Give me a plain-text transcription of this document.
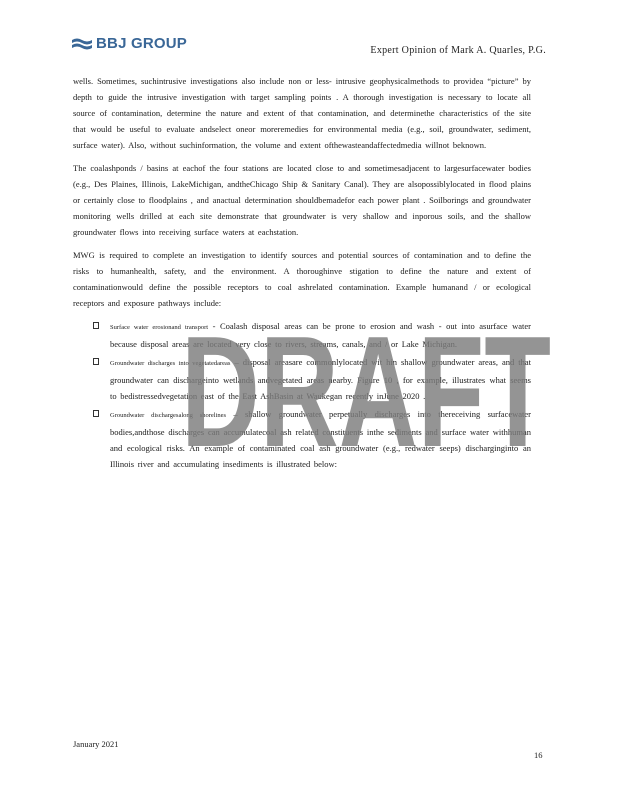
BBJ GROUP	Expert Opinion of Mark A. Quarles, P.G.

wells. Sometimes, suchintrusive investigations also include non or less- intrusive geophysicalmethods to providea “picture” by depth to guide the intrusive investigation with target sampling points . A thorough investigation is necessary to locate all source of contamination, determine the nature and extent of that contamination, and determinethe characteristics of the site that would be useful to evaluate andselect oneor moreremedies for environmental media (e.g., soil, groundwater, sediment, surface water). Also, without suchinformation, the volume and extent ofthewasteandaffectedmedia willnot beknown.

The coalashponds / basins at eachof the four stations are located close to and sometimesadjacent to largesurfacewater bodies (e.g., Des Plaines, Illinois, LakeMichigan, andtheChicago Ship & Sanitary Canal). They are alsopossiblylocated in flood plains or certainly close to floodplains , and anactual determination shouldbemadefor each power plant . Soilborings and groundwater monitoring wells drilled at each site demonstrate that groundwater is very shallow and inporous soils, and the shallow groundwater flows into receiving surface waters at eachstation.

MWG is required to complete an investigation to identify sources and potential sources of contamination and to define the risks to humanhealth, safety, and the environment. A thoroughinve stigation to define the nature and extent of contaminationwould define the possible receptors to coal ashrelated contamination. Example humanand / or ecological receptors and exposure pathways include:

Surface water erosionand transport - Coalash disposal areas can be prone to erosion and wash - out into asurface water because disposal areas are located very close to rivers, streams, canals, and / or Lake Michigan.
Groundwater discharges into vegetatedareas – disposal areasare commonlylocated wit hin shallow groundwater areas, and that groundwater can dischargeinto wetlands andvegetated areas nearby. Figure 10 , for example, illustrates what seems to bedistressedvegetation east of the East AshBasin at Waukegan recently inJune 2020 .
Groundwater dischargesalong shorelines – shallow groundwater perpetually discharges into thereceiving surfacewater bodies,andthose discharges can accumulatecoal ash related constituents inthe sediments and surface water withhuman and ecological risks. An example of contaminated coal ash groundwater (e.g., redwater seeps) discharginginto an Illinois river and accumulating insediments is illustrated below:
DRAFT
January 2021
16
